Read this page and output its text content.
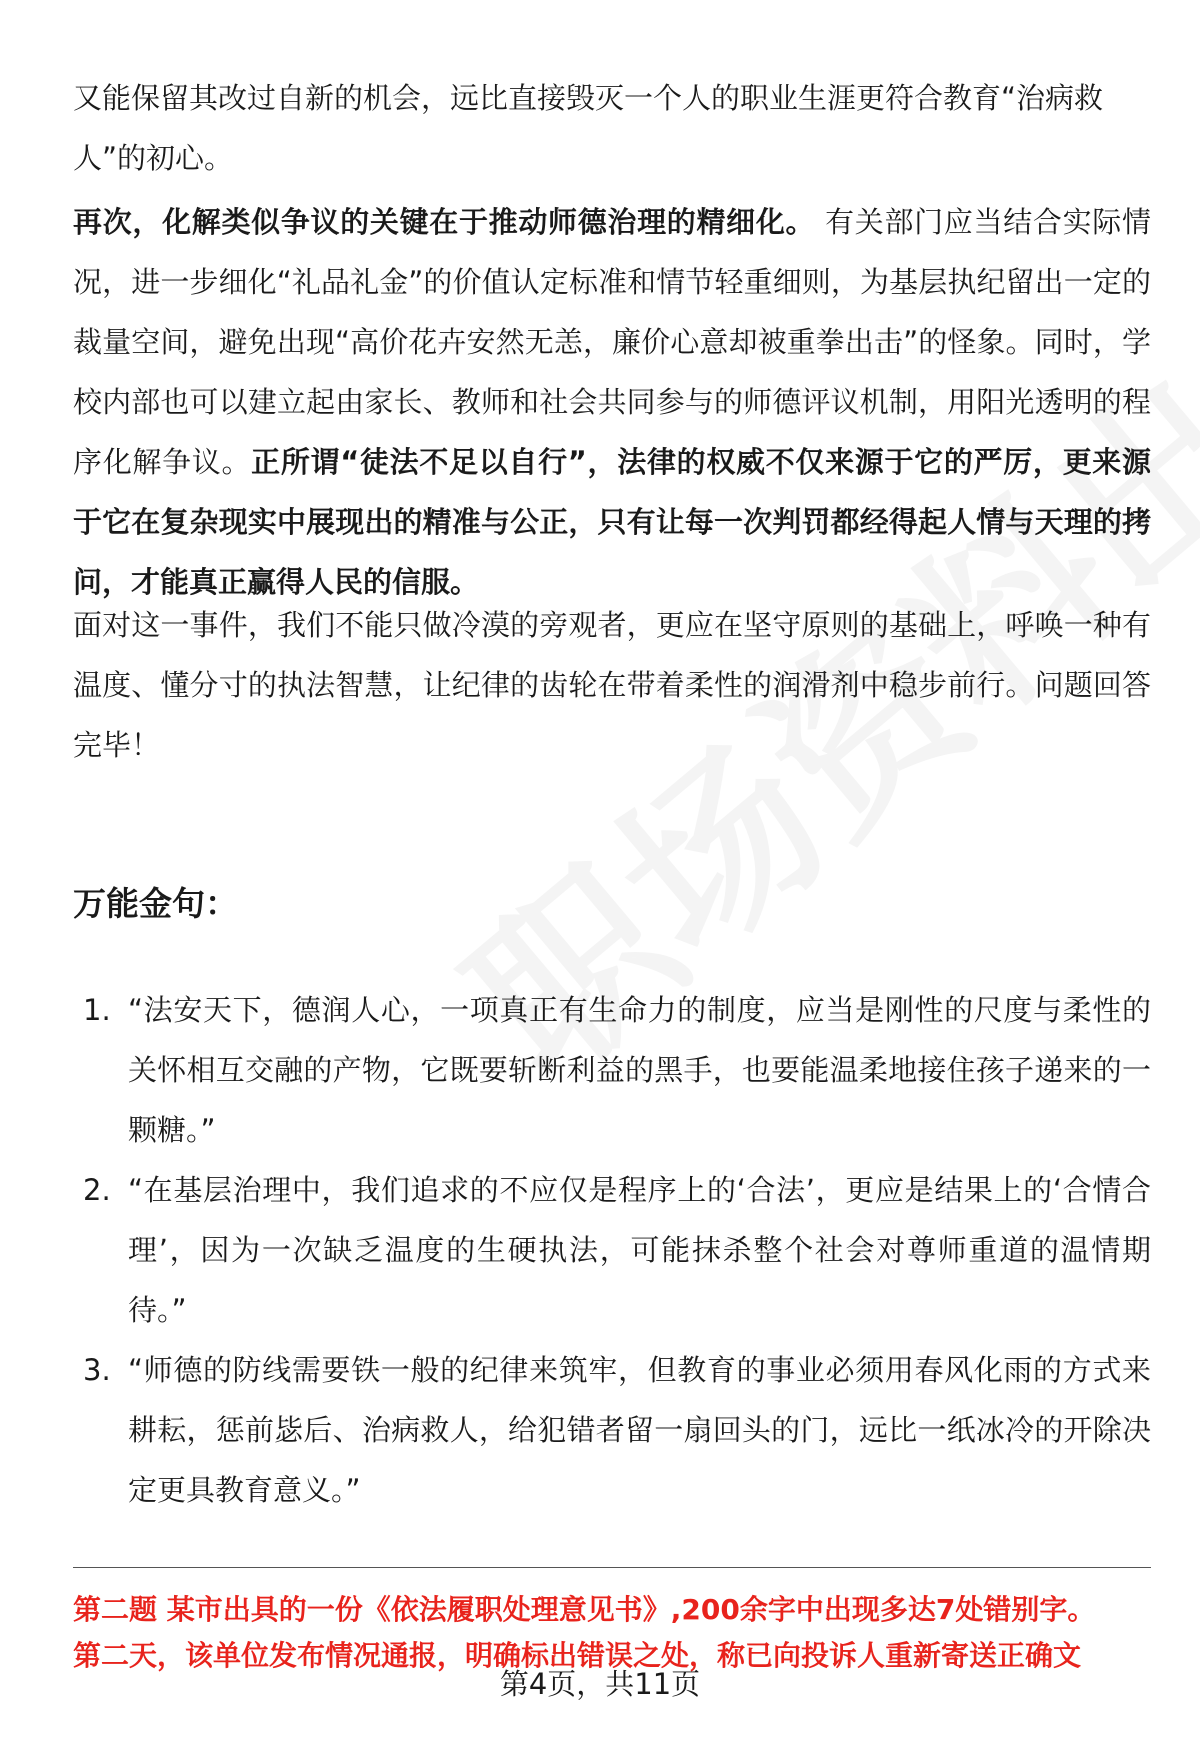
又能保留其改过自新的机会，远比直接毁灭一个人的职业生涯更符合教育“治病救
人”的初心。

再次，化解类似争议的关键在于推动师德治理的精细化。 有关部门应当结合实际情况，进一步细化“礼品礼金”的价值认定标准和情节轻重细则，为基层执纪留出一定的裁量空间，避免出现“高价花卉安然无恙，廉价心意却被重拳出击”的怪象。同时，学校内部也可以建立起由家长、教师和社会共同参与的师德评议机制，用阳光透明的程序化解争议。正所谓“徒法不足以自行”，法律的权威不仅来源于它的严厉，更来源于它在复杂现实中展现出的精准与公正，只有让每一次判罚都经得起人情与天理的拷问，才能真正赢得人民的信服。

面对这一事件，我们不能只做冷漠的旁观者，更应在坚守原则的基础上，呼唤一种有温度、懂分寸的执法智慧，让纪律的齿轮在带着柔性的润滑剂中稳步前行。问题回答完毕！

万能金句：
1. “法安天下，德润人心，一项真正有生命力的制度，应当是刚性的尺度与柔性的关怀相互交融的产物，它既要斩断利益的黑手，也要能温柔地接住孩子递来的一颗糖。”
2. “在基层治理中，我们追求的不应仅是程序上的‘合法’，更应是结果上的‘合情合理’，因为一次缺乏温度的生硬执法，可能抹杀整个社会对尊师重道的温情期待。”
3. “师德的防线需要铁一般的纪律来筑牢，但教育的事业必须用春风化雨的方式来耕耘，惩前毖后、治病救人，给犯错者留一扇回头的门，远比一纸冰冷的开除决定更具教育意义。”

第二题 某市出具的一份《依法履职处理意见书》,200余字中出现多达7处错别字。
第二天，该单位发布情况通报，明确标出错误之处，称已向投诉人重新寄送正确文

第4页，共11页
